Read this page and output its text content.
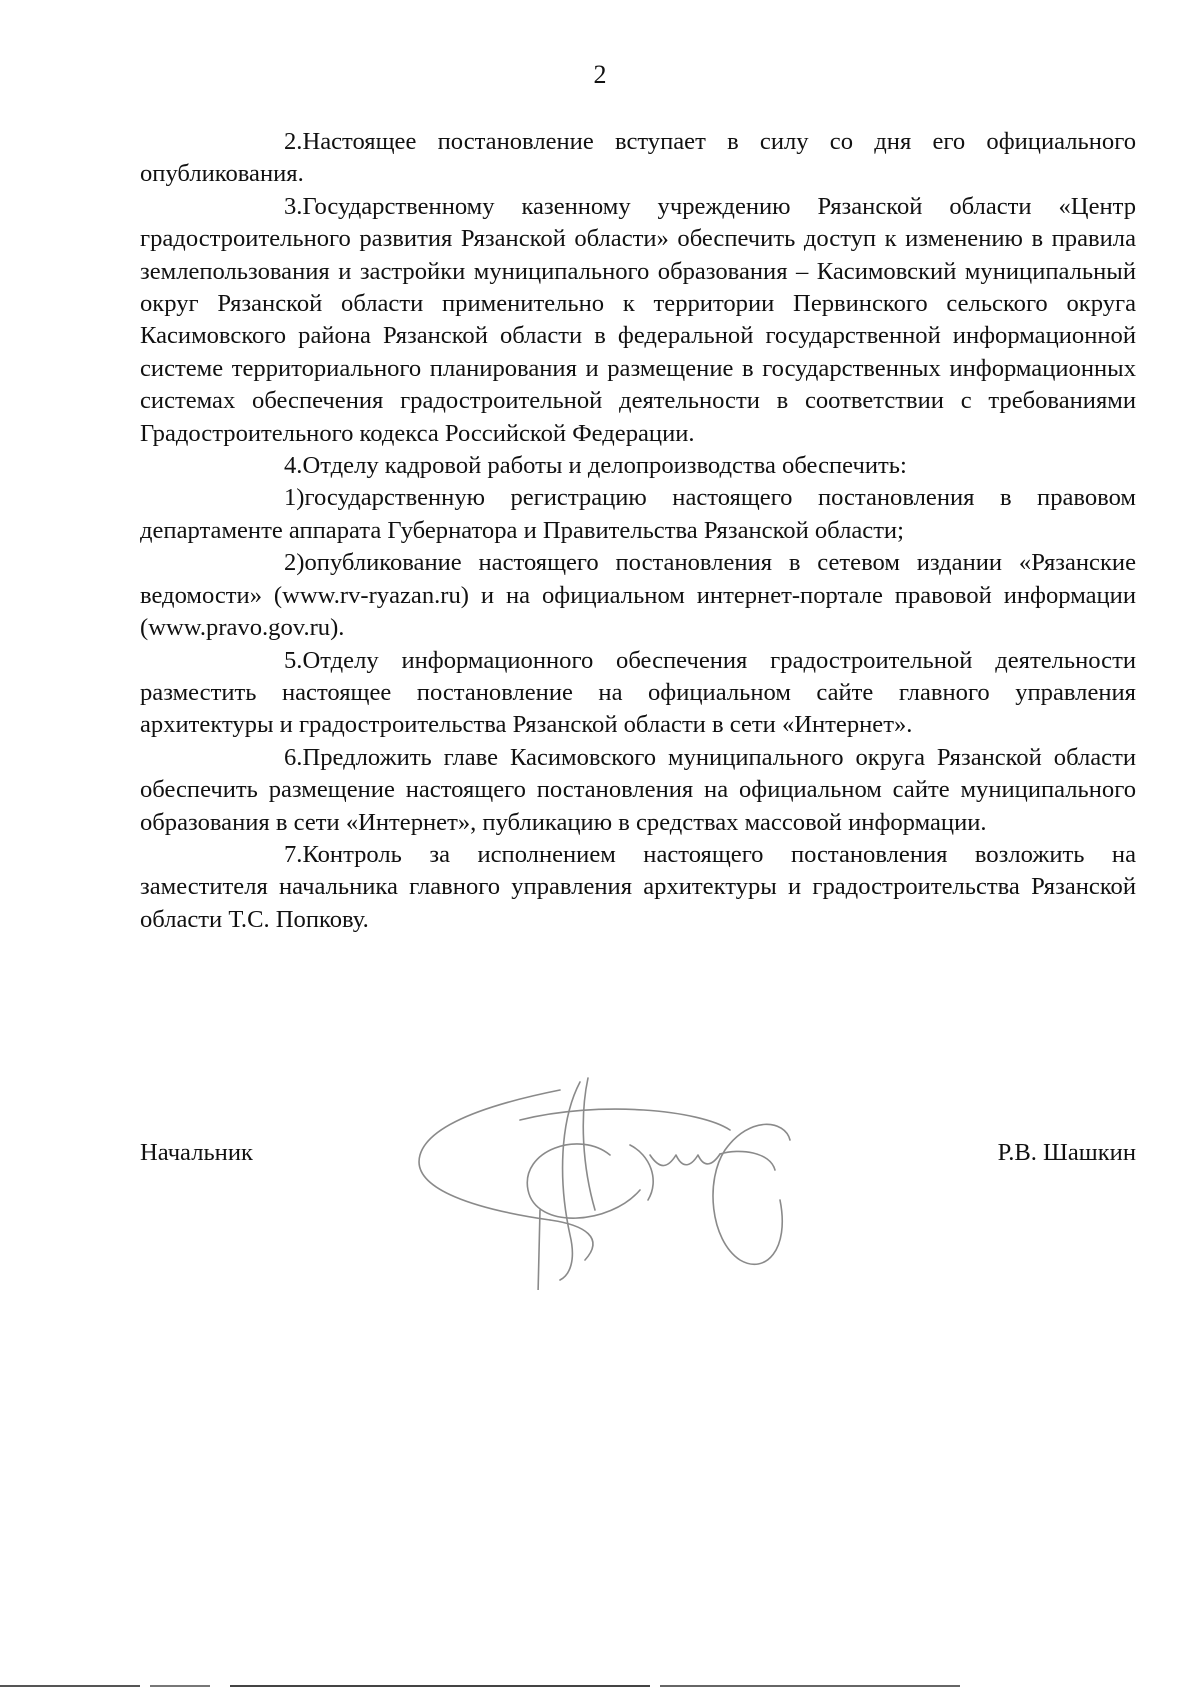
2

2.Настоящее постановление вступает в силу со дня его официального опубликования.

3.Государственному казенному учреждению Рязанской области «Центр градостроительного развития Рязанской области» обеспечить доступ к изменению в правила землепользования и застройки муниципального образования – Касимовский муниципальный округ Рязанской области применительно к территории Первинского сельского округа Касимовского района Рязанской области в федеральной государственной информационной системе территориального планирования и размещение в государственных информационных системах обеспечения градостроительной деятельности в соответствии с требованиями Градостроительного кодекса Российской Федерации.

4.Отделу кадровой работы и делопроизводства обеспечить:

1)государственную регистрацию настоящего постановления в правовом департаменте аппарата Губернатора и Правительства Рязанской области;

2)опубликование настоящего постановления в сетевом издании «Рязанские ведомости» (www.rv-ryazan.ru) и на официальном интернет-портале правовой информации (www.pravo.gov.ru).

5.Отделу информационного обеспечения градостроительной деятельности разместить настоящее постановление на официальном сайте главного управления архитектуры и градостроительства Рязанской области в сети «Интернет».

6.Предложить главе Касимовского муниципального округа Рязанской области обеспечить размещение настоящего постановления на официальном сайте муниципального образования в сети «Интернет», публикацию в средствах массовой информации.

7.Контроль за исполнением настоящего постановления возложить на заместителя начальника главного управления архитектуры и градостроительства Рязанской области Т.С. Попкову.

Начальник	Р.В. Шашкин
